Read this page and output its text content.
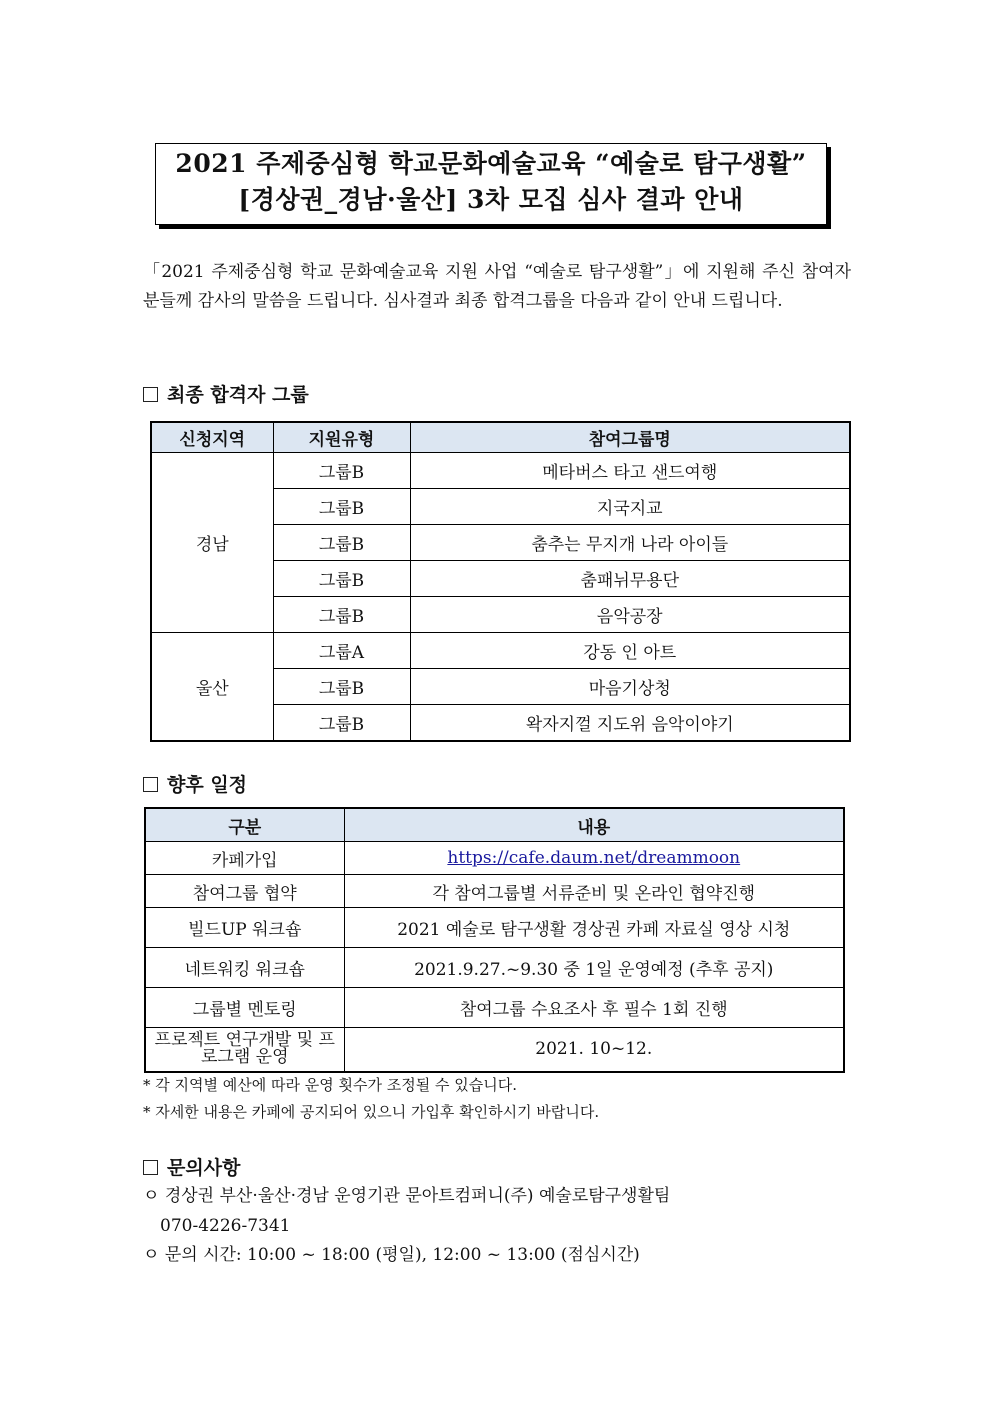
2021 주제중심형 학교문화예술교육 “예술로 탐구생활”
[경상권_경남·울산] 3차 모집 심사 결과 안내
「2021 주제중심형 학교 문화예술교육 지원 사업 “예술로 탐구생활”」에 지원해 주신 참여자 분들께 감사의 말씀을 드립니다. 심사결과 최종 합격그룹을 다음과 같이 안내 드립니다.
최종 합격자 그룹
신청지역	지원유형	참여그룹명
경남	그룹B	메타버스 타고 샌드여행
	그룹B	지국지교
	그룹B	춤추는 무지개 나라 아이들
	그룹B	춤패뉘무용단
	그룹B	음악공장
울산	그룹A	강동 인 아트
	그룹B	마음기상청
	그룹B	왁자지껄 지도위 음악이야기
향후 일정
구분	내용
카페가입	https://cafe.daum.net/dreammoon
참여그룹 협약	각 참여그룹별 서류준비 및 온라인 협약진행
빌드UP 워크숍	2021 예술로 탐구생활 경상권 카페 자료실 영상 시청
네트워킹 워크숍	2021.9.27.~9.30 중 1일 운영예정 (추후 공지)
그룹별 멘토링	참여그룹 수요조사 후 필수 1회 진행
프로젝트 연구개발 및 프로그램 운영	2021. 10~12.
* 각 지역별 예산에 따라 운영 횟수가 조정될 수 있습니다.
* 자세한 내용은 카페에 공지되어 있으니 가입후 확인하시기 바랍니다.
문의사항
ㅇ 경상권 부산·울산·경남 운영기관 문아트컴퍼니(주) 예술로탐구생활팀
070-4226-7341
ㅇ 문의 시간: 10:00 ~ 18:00 (평일), 12:00 ~ 13:00 (점심시간)
